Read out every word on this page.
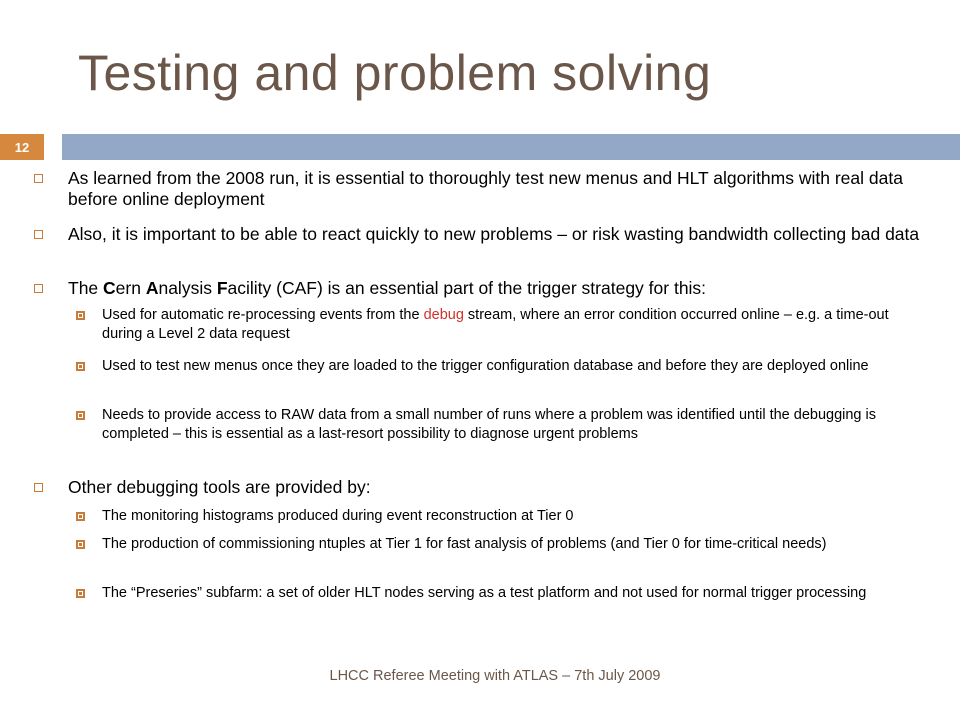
Testing and problem solving
12
As learned from the 2008 run, it is essential to thoroughly test new menus and HLT algorithms with real data before online deployment
Also, it is important to be able to react quickly to new problems – or risk wasting bandwidth collecting bad data
The Cern Analysis Facility (CAF) is an essential part of the trigger strategy for this:
Used for automatic re-processing events from the debug stream, where an error condition occurred online – e.g. a time-out during a Level 2 data request
Used to test new menus once they are loaded to the trigger configuration database and before they are deployed online
Needs to provide access to RAW data from a small number of runs where a problem was identified until the debugging is completed – this is essential as a last-resort possibility to diagnose urgent problems
Other debugging tools are provided by:
The monitoring histograms produced during event reconstruction at Tier 0
The production of commissioning ntuples at Tier 1 for fast analysis of problems (and Tier 0 for time-critical needs)
The “Preseries” subfarm: a set of older HLT nodes serving as a test platform and not used for normal trigger processing
LHCC Referee Meeting with ATLAS – 7th July 2009
